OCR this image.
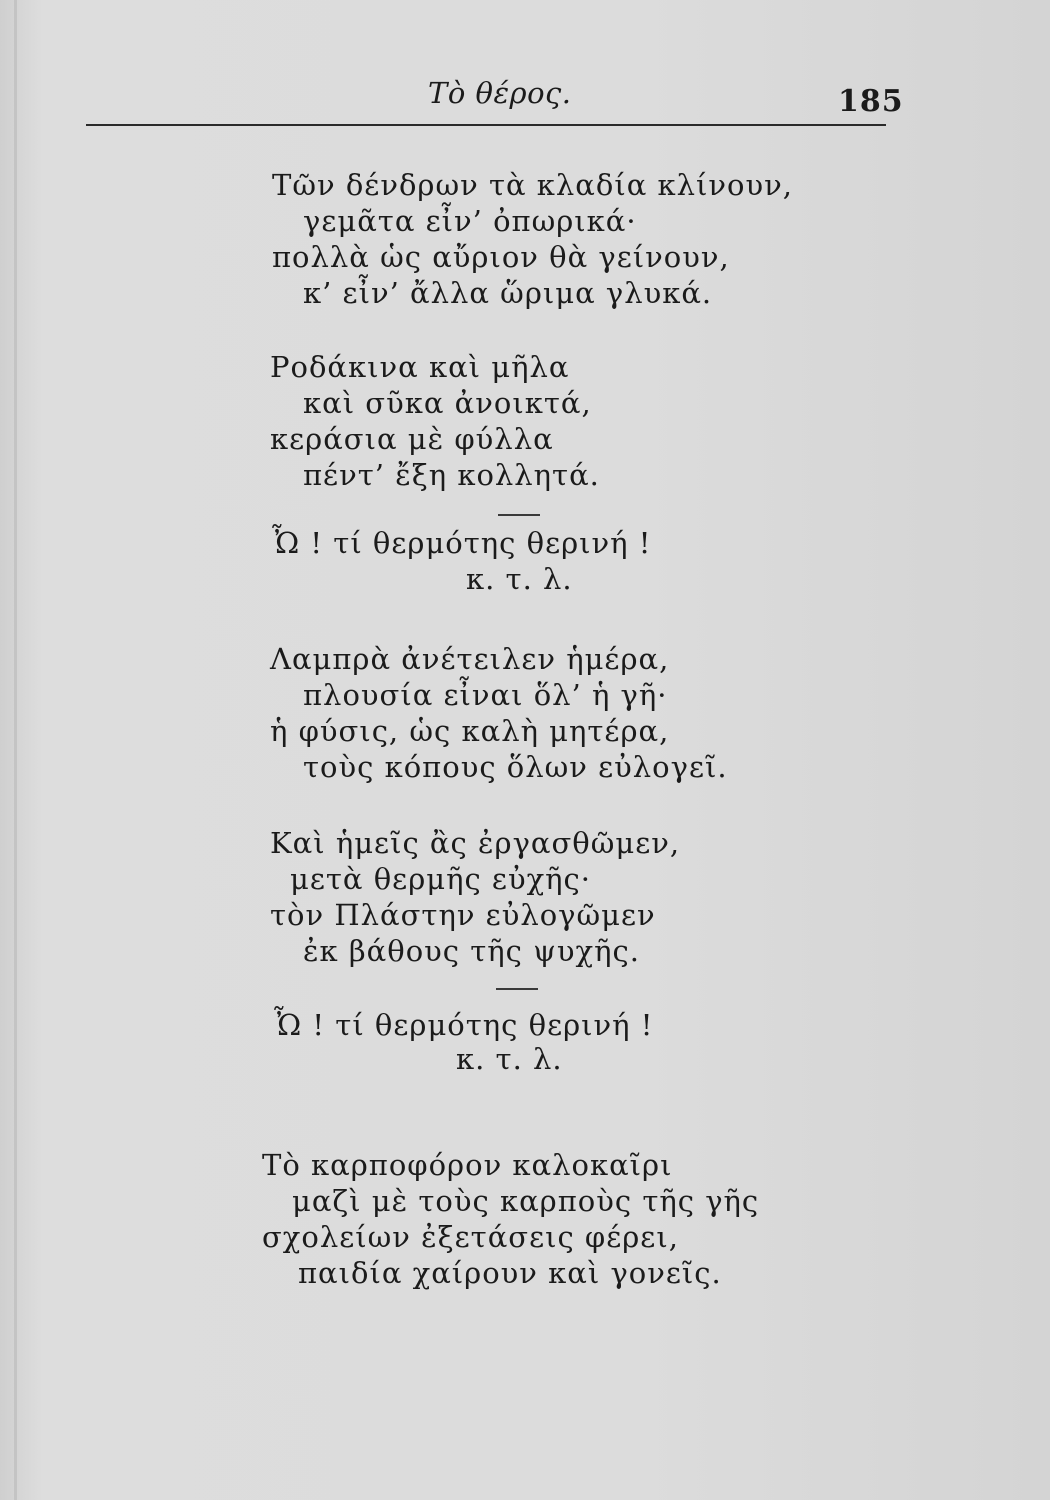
Τὸ θέρος.	185
Τῶν δένδρων τὰ κλαδία κλίνουν,
γεμᾶτα εἶν’ ὀπωρικά·
πολλὰ ὡς αὔριον θὰ γείνουν,
κ’ εἶν’ ἄλλα ὥριμα γλυκά.
Ροδάκινα καὶ μῆλα
καὶ σῦκα ἀνοικτά,
κεράσια μὲ φύλλα
πέντ’ ἔξη κολλητά.
Ὦ ! τί θερμότης θερινή !
κ. τ. λ.
Λαμπρὰ ἀνέτειλεν ἡμέρα,
πλουσία εἶναι ὅλ’ ἡ γῆ·
ἡ φύσις, ὡς καλὴ μητέρα,
τοὺς κόπους ὅλων εὐλογεῖ.
Καὶ ἡμεῖς ἂς ἐργασθῶμεν,
μετὰ θερμῆς εὐχῆς·
τὸν Πλάστην εὐλογῶμεν
ἐκ βάθους τῆς ψυχῆς.
Ὦ ! τί θερμότης θερινή !
κ. τ. λ.
Τὸ καρποφόρον καλοκαῖρι
μαζὶ μὲ τοὺς καρποὺς τῆς γῆς
σχολείων ἐξετάσεις φέρει,
παιδία χαίρουν καὶ γονεῖς.
